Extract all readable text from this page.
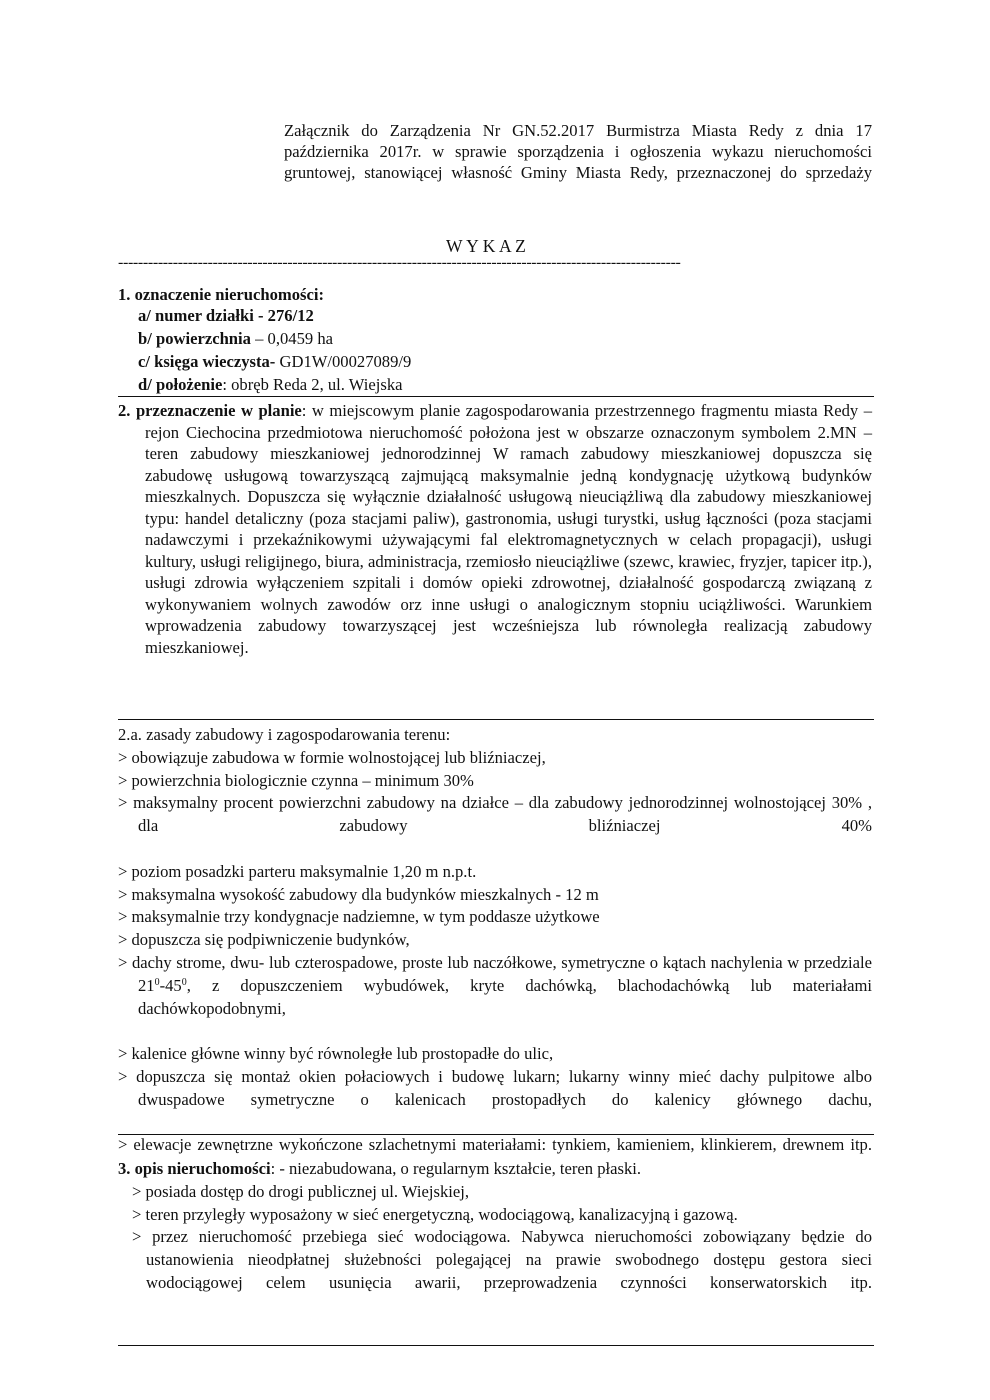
Załącznik do Zarządzenia Nr GN.52.2017 Burmistrza Miasta Redy z dnia 17 października 2017r. w sprawie sporządzenia i ogłoszenia wykazu nieruchomości gruntowej, stanowiącej własność Gminy Miasta Redy, przeznaczonej do sprzedaży

W Y K A Z
-----------------------------------------------------------------------------------------------------------------
1. oznaczenie nieruchomości:
a/ numer działki - 276/12
b/ powierzchnia – 0,0459 ha
c/ księga wieczysta- GD1W/00027089/9
d/ położenie: obręb Reda 2, ul. Wiejska

2. przeznaczenie w planie: w miejscowym planie zagospodarowania przestrzennego fragmentu miasta Redy – rejon Ciechocina przedmiotowa nieruchomość położona jest w obszarze oznaczonym symbolem 2.MN – teren zabudowy mieszkaniowej jednorodzinnej W ramach zabudowy mieszkaniowej dopuszcza się zabudowę usługową towarzyszącą zajmującą maksymalnie jedną kondygnację użytkową budynków mieszkalnych. Dopuszcza się wyłącznie działalność usługową nieuciążliwą dla zabudowy mieszkaniowej typu: handel detaliczny (poza stacjami paliw), gastronomia, usługi turystki, usług łączności (poza stacjami nadawczymi i przekaźnikowymi używającymi fal elektromagnetycznych w celach propagacji), usługi kultury, usługi religijnego, biura, administracja, rzemiosło nieuciążliwe (szewc, krawiec, fryzjer, tapicer itp.), usługi zdrowia wyłączeniem szpitali i domów opieki zdrowotnej, działalność gospodarczą związaną z wykonywaniem wolnych zawodów orz inne usługi o analogicznym stopniu uciążliwości. Warunkiem wprowadzenia zabudowy towarzyszącej jest wcześniejsza lub równoległa realizacją zabudowy mieszkaniowej.

2.a. zasady zabudowy i zagospodarowania terenu:

> obowiązuje zabudowa w formie wolnostojącej lub bliźniaczej,

> powierzchnia biologicznie czynna – minimum 30%

> maksymalny procent powierzchni zabudowy na działce – dla zabudowy jednorodzinnej wolnostojącej 30% , dla zabudowy bliźniaczej 40%

> poziom posadzki parteru maksymalnie 1,20 m n.p.t.

> maksymalna wysokość zabudowy dla budynków mieszkalnych - 12 m

> maksymalnie trzy kondygnacje nadziemne, w tym poddasze użytkowe

> dopuszcza się podpiwniczenie budynków,

> dachy strome, dwu- lub czterospadowe, proste lub naczółkowe, symetryczne o kątach nachylenia w przedziale $21^0-45^0$, z dopuszczeniem wybudówek, kryte dachówką, blachodachówką lub materiałami dachówkopodobnymi,

> kalenice główne winny być równoległe lub prostopadłe do ulic,

> dopuszcza się montaż okien połaciowych i budowę lukarn; lukarny winny mieć dachy pulpitowe albo dwuspadowe symetryczne o kalenicach prostopadłych do kalenicy głównego dachu,

> elewacje zewnętrzne wykończone szlachetnymi materiałami: tynkiem, kamieniem, klinkierem, drewnem itp.

3. opis nieruchomości: - niezabudowana, o regularnym kształcie, teren płaski.

> posiada dostęp do drogi publicznej ul. Wiejskiej,

> teren przyległy wyposażony w sieć energetyczną, wodociągową, kanalizacyjną i gazową.

> przez nieruchomość przebiega sieć wodociągowa. Nabywca nieruchomości zobowiązany będzie do ustanowienia nieodpłatnej służebności polegającej na prawie swobodnego dostępu gestora sieci wodociągowej celem usunięcia awarii, przeprowadzenia czynności konserwatorskich itp.
